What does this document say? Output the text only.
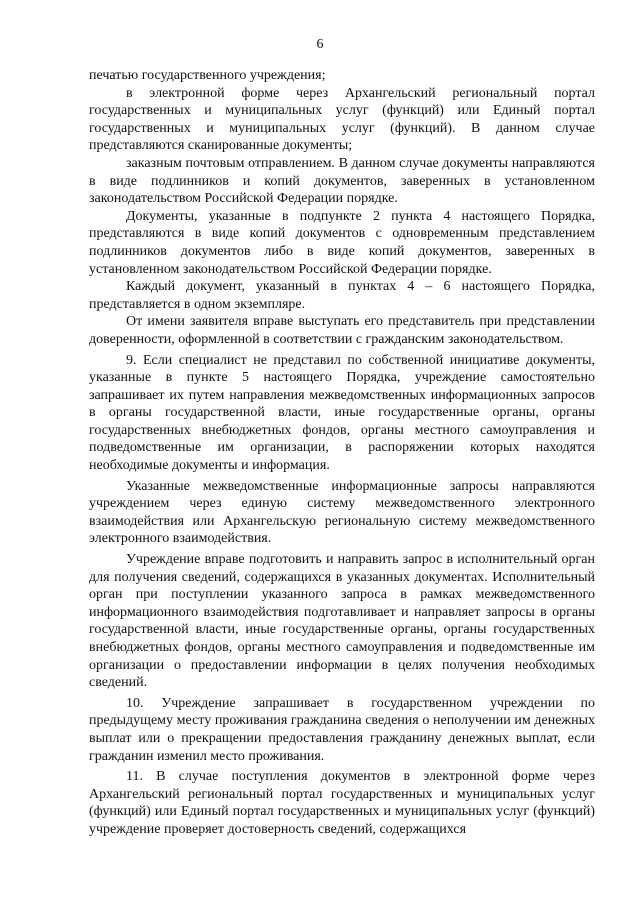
6

печатью государственного учреждения;

в электронной форме через Архангельский региональный портал государственных и муниципальных услуг (функций) или Единый портал государственных и муниципальных услуг (функций). В данном случае представляются сканированные документы;

заказным почтовым отправлением. В данном случае документы направляются в виде подлинников и копий документов, заверенных в установленном законодательством Российской Федерации порядке.

Документы, указанные в подпункте 2 пункта 4 настоящего Порядка, представляются в виде копий документов с одновременным представлением подлинников документов либо в виде копий документов, заверенных в установленном законодательством Российской Федерации порядке.

Каждый документ, указанный в пунктах 4 – 6 настоящего Порядка, представляется в одном экземпляре.

От имени заявителя вправе выступать его представитель при представлении доверенности, оформленной в соответствии с гражданским законодательством.

9. Если специалист не представил по собственной инициативе документы, указанные в пункте 5 настоящего Порядка, учреждение самостоятельно запрашивает их путем направления межведомственных информационных запросов в органы государственной власти, иные государственные органы, органы государственных внебюджетных фондов, органы местного самоуправления и подведомственные им организации, в распоряжении которых находятся необходимые документы и информация.

Указанные межведомственные информационные запросы направляются учреждением через единую систему межведомственного электронного взаимодействия или Архангельскую региональную систему межведомственного электронного взаимодействия.

Учреждение вправе подготовить и направить запрос в исполнительный орган для получения сведений, содержащихся в указанных документах. Исполнительный орган при поступлении указанного запроса в рамках межведомственного информационного взаимодействия подготавливает и направляет запросы в органы государственной власти, иные государственные органы, органы государственных внебюджетных фондов, органы местного самоуправления и подведомственные им организации о предоставлении информации в целях получения необходимых сведений.

10. Учреждение запрашивает в государственном учреждении по предыдущему месту проживания гражданина сведения о неполучении им денежных выплат или о прекращении предоставления гражданину денежных выплат, если гражданин изменил место проживания.

11. В случае поступления документов в электронной форме через Архангельский региональный портал государственных и муниципальных услуг (функций) или Единый портал государственных и муниципальных услуг (функций) учреждение проверяет достоверность сведений, содержащихся
